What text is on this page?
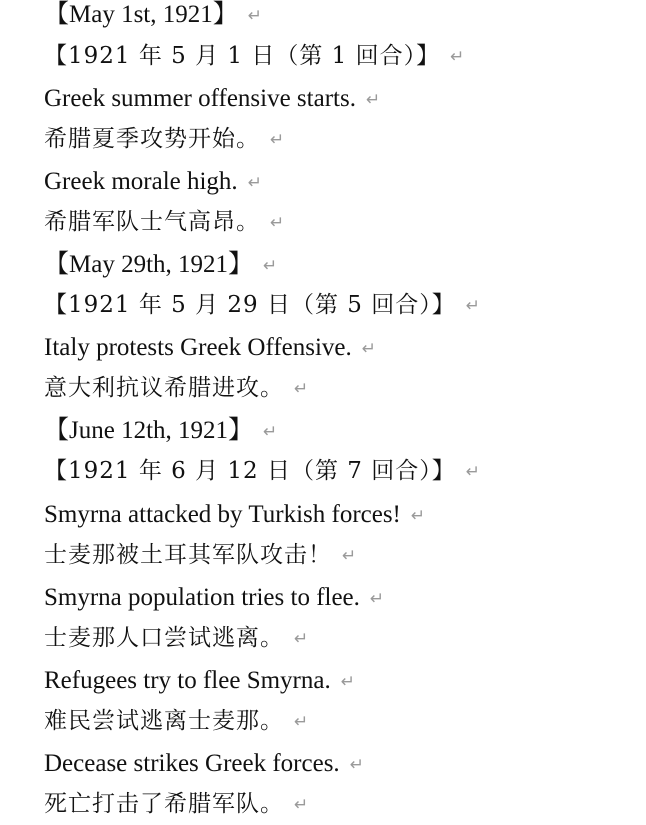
【May 1st, 1921】 ↵
【1921 年 5 月 1 日（第 1 回合）】 ↵
Greek summer offensive starts. ↵
希腊夏季攻势开始。 ↵
Greek morale high. ↵
希腊军队士气高昂。 ↵
【May 29th, 1921】 ↵
【1921 年 5 月 29 日（第 5 回合）】 ↵
Italy protests Greek Offensive. ↵
意大利抗议希腊进攻。 ↵
【June 12th, 1921】 ↵
【1921 年 6 月 12 日（第 7 回合）】 ↵
Smyrna attacked by Turkish forces! ↵
士麦那被土耳其军队攻击！ ↵
Smyrna population tries to flee. ↵
士麦那人口尝试逃离。 ↵
Refugees try to flee Smyrna. ↵
难民尝试逃离士麦那。 ↵
Decease strikes Greek forces. ↵
死亡打击了希腊军队。 ↵
